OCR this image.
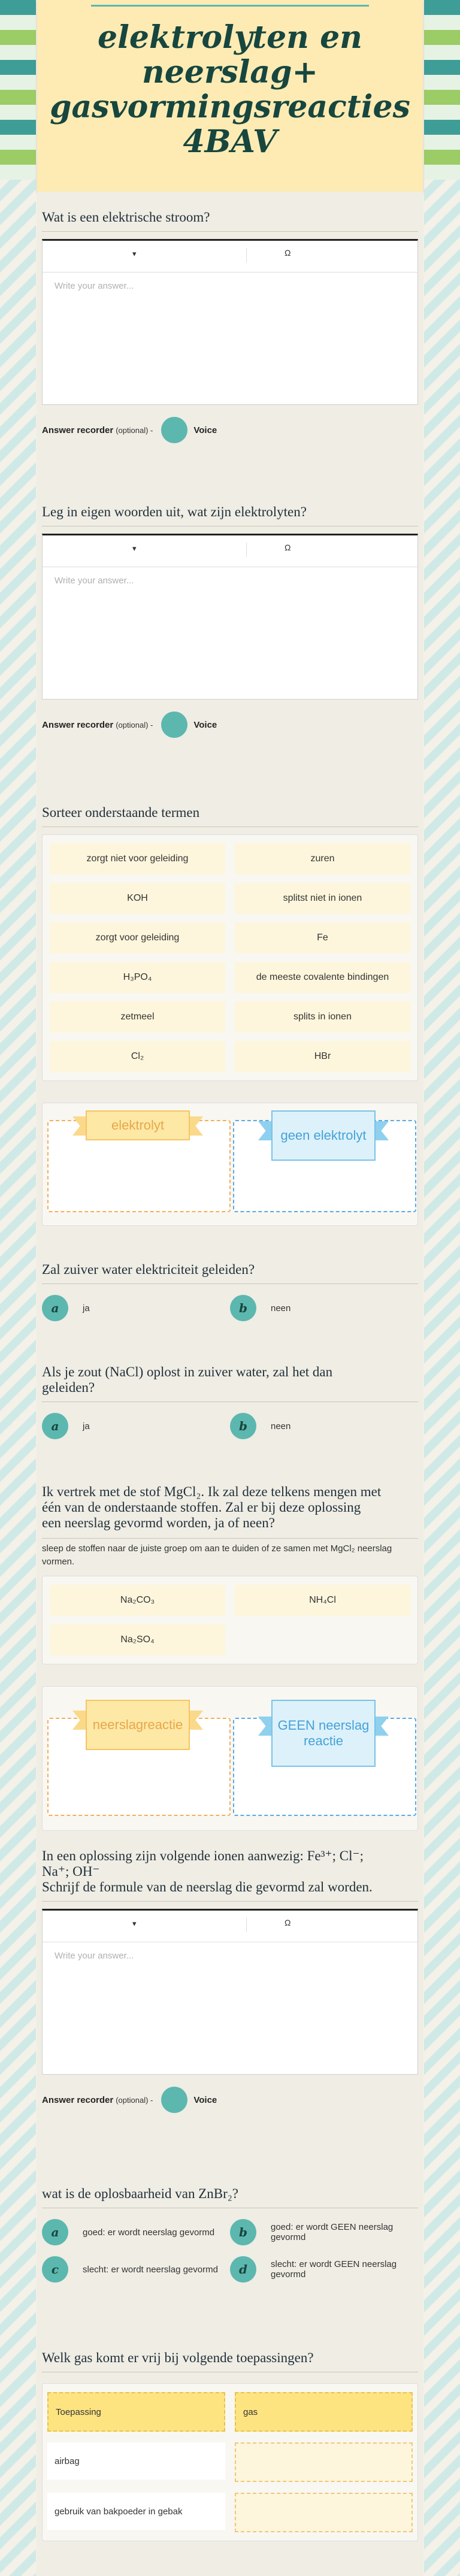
elektrolyten en
neerslag+
gasvormingsreacties
4BAV

Wat is een elektrische stroom?

▾	Ω
Write your answer...
Answer recorder (optional) -	Voice

Leg in eigen woorden uit, wat zijn elektrolyten?

▾	Ω
Write your answer...
Answer recorder (optional) -	Voice

Sorteer onderstaande termen

zorgt niet voor geleiding	zuren
KOH	splitst niet in ionen
zorgt voor geleiding	Fe
H₃PO₄	de meeste covalente bindingen
zetmeel	splits in ionen
Cl₂	HBr
elektrolyt
geen elektrolyt

Zal zuiver water elektriciteit geleiden?

a	ja	b	neen

Als je zout (NaCl) oplost in zuiver water, zal het dan
geleiden?

a	ja	b	neen

Ik vertrek met de stof MgCl₂. Ik zal deze telkens mengen met
één van de onderstaande stoffen. Zal er bij deze oplossing
een neerslag gevormd worden, ja of neen?

sleep de stoffen naar de juiste groep om aan te duiden of ze samen met MgCl₂ neerslag vormen.

Na₂CO₃	NH₄Cl
Na₂SO₄
neerslagreactie	GEEN neerslagreactie

In een oplossing zijn volgende ionen aanwezig: Fe³⁺; Cl⁻;
Na⁺; OH⁻
Schrijf de formule van de neerslag die gevormd zal worden.

▾	Ω
Write your answer...
Answer recorder (optional) -	Voice

wat is de oplosbaarheid van ZnBr₂?

a	goed: er wordt neerslag gevormd	b	goed: er wordt GEEN neerslag gevormd
c	slecht: er wordt neerslag gevormd	d	slecht: er wordt GEEN neerslag gevormd

Welk gas komt er vrij bij volgende toepassingen?

Toepassing	gas
airbag
gebruik van bakpoeder in gebak
